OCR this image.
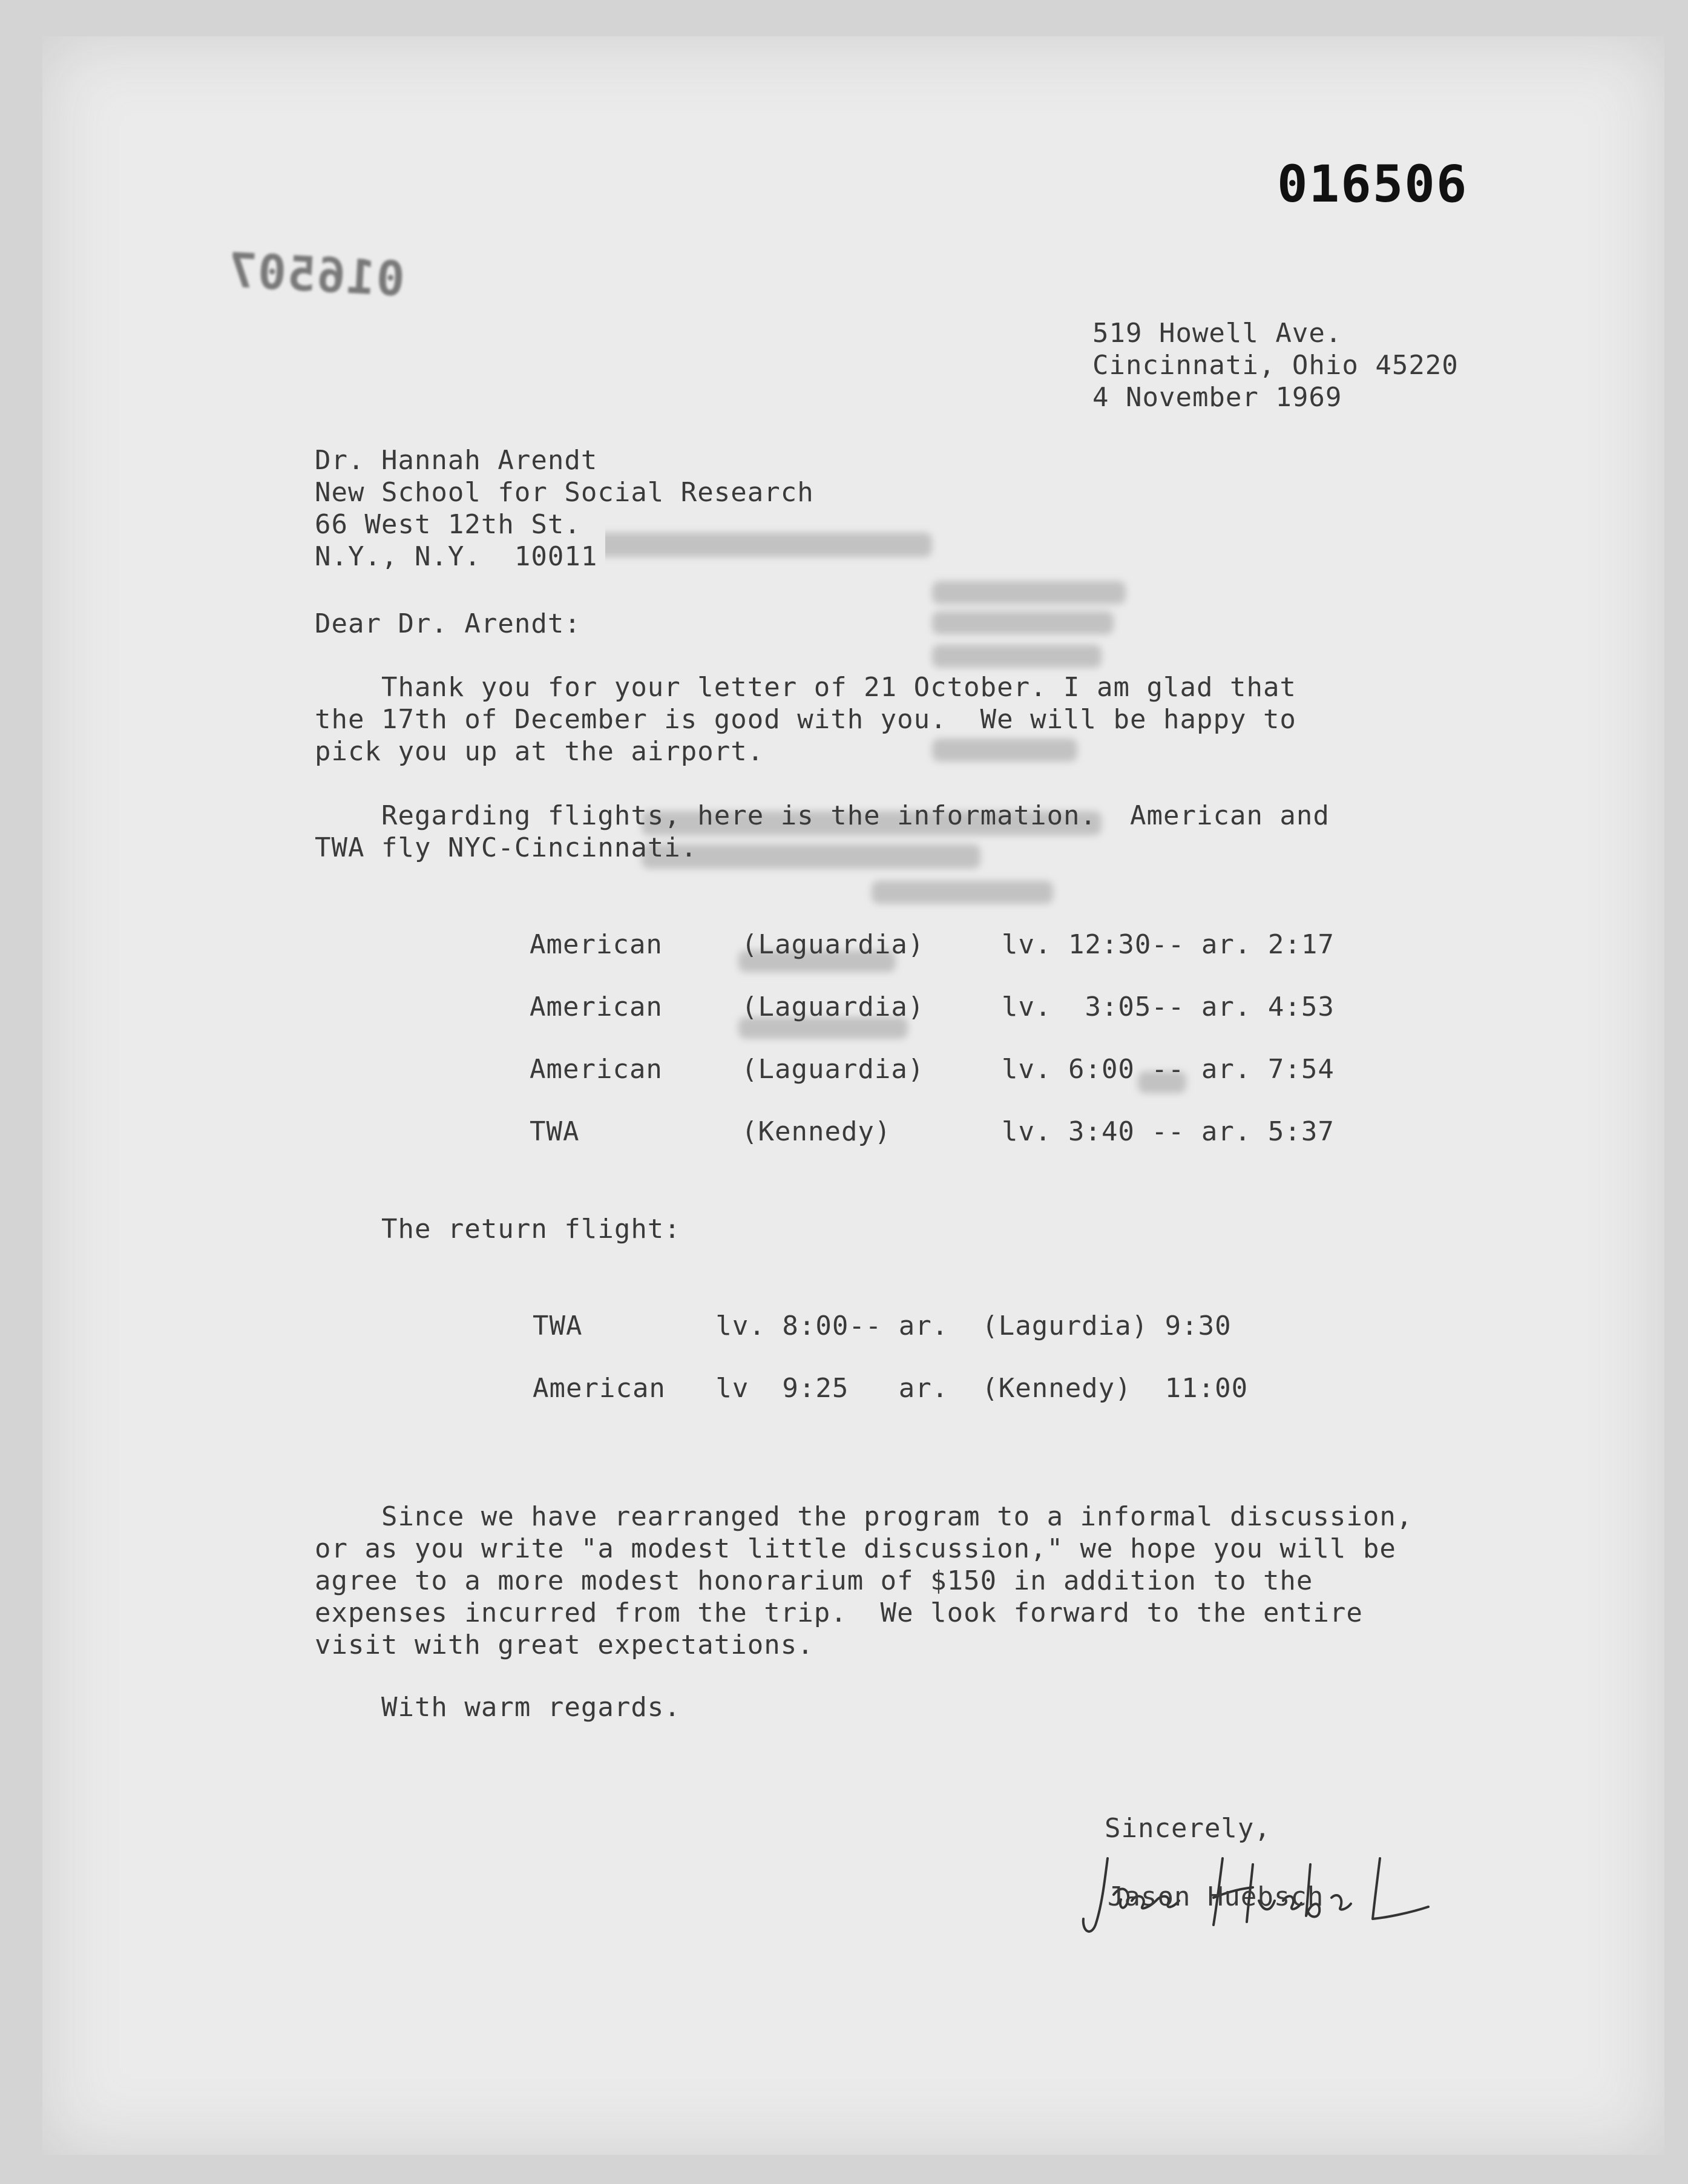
016506
016507
519 Howell Ave.
Cincinnati, Ohio 45220
4 November 1969
Dr. Hannah Arendt
New School for Social Research
66 West 12th St.
N.Y., N.Y.  10011
Dear Dr. Arendt:
Thank you for your letter of 21 October. I am glad that
the 17th of December is good with you.  We will be happy to
pick you up at the airport.
Regarding flights, here is the information.  American and
TWA fly NYC-Cincinnati.
American	(Laguardia)	lv. 12:30-- ar. 2:17
American	(Laguardia)	lv.  3:05-- ar. 4:53
American	(Laguardia)	lv. 6:00 -- ar. 7:54
TWA	(Kennedy)	lv. 3:40 -- ar. 5:37
The return flight:
TWA        lv. 8:00-- ar.  (Lagurdia) 9:30
American   lv  9:25   ar.  (Kennedy)  11:00
Since we have rearranged the program to a informal discussion,
or as you write "a modest little discussion," we hope you will be
agree to a more modest honorarium of $150 in addition to the
expenses incurred from the trip.  We look forward to the entire
visit with great expectations.
With warm regards.
Sincerely,
Jason Huebsch
